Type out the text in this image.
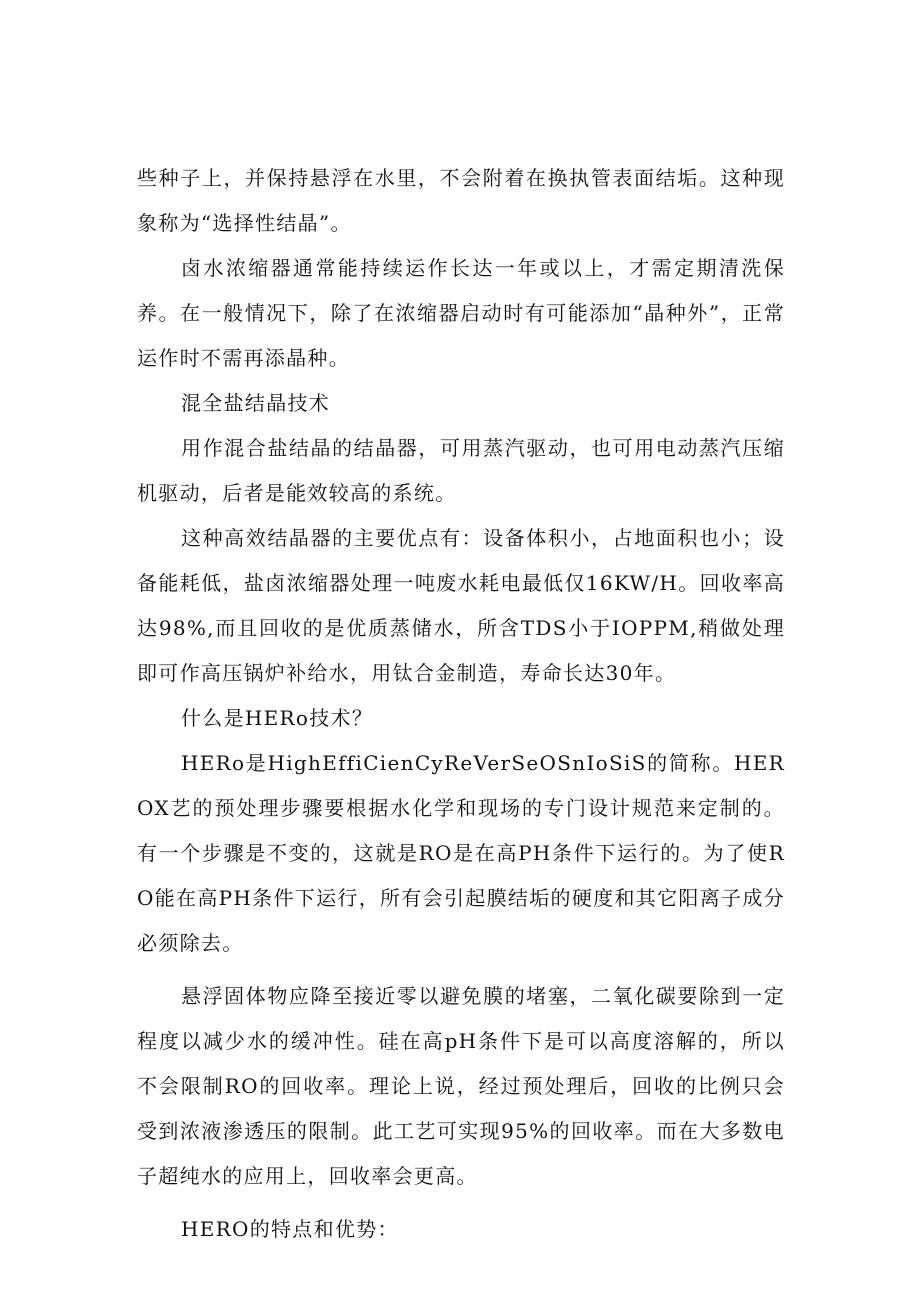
些种子上，并保持悬浮在水里，不会附着在换执管表面结垢。这种现象称为“选择性结晶”。

卤水浓缩器通常能持续运作长达一年或以上，才需定期清洗保养。在一般情况下，除了在浓缩器启动时有可能添加“晶种外”，正常运作时不需再添晶种。

混全盐结晶技术

用作混合盐结晶的结晶器，可用蒸汽驱动，也可用电动蒸汽压缩机驱动，后者是能效较高的系统。

这种高效结晶器的主要优点有：设备体积小，占地面积也小；设备能耗低，盐卤浓缩器处理一吨废水耗电最低仅16KW/H。回收率高达98%,而且回收的是优质蒸储水，所含TDS小于IOPPM,稍做处理即可作高压锅炉补给水，用钛合金制造，寿命长达30年。

什么是HERo技术？

HERo是HighEffiCienCyReVerSeOSnIoSiS的简称。HEROX艺的预处理步骤要根据水化学和现场的专门设计规范来定制的。有一个步骤是不变的，这就是RO是在高PH条件下运行的。为了使RO能在高PH条件下运行，所有会引起膜结垢的硬度和其它阳离子成分必须除去。

悬浮固体物应降至接近零以避免膜的堵塞，二氧化碳要除到一定程度以减少水的缓冲性。硅在高pH条件下是可以高度溶解的，所以不会限制RO的回收率。理论上说，经过预处理后，回收的比例只会受到浓液渗透压的限制。此工艺可实现95%的回收率。而在大多数电子超纯水的应用上，回收率会更高。

HERO的特点和优势：
